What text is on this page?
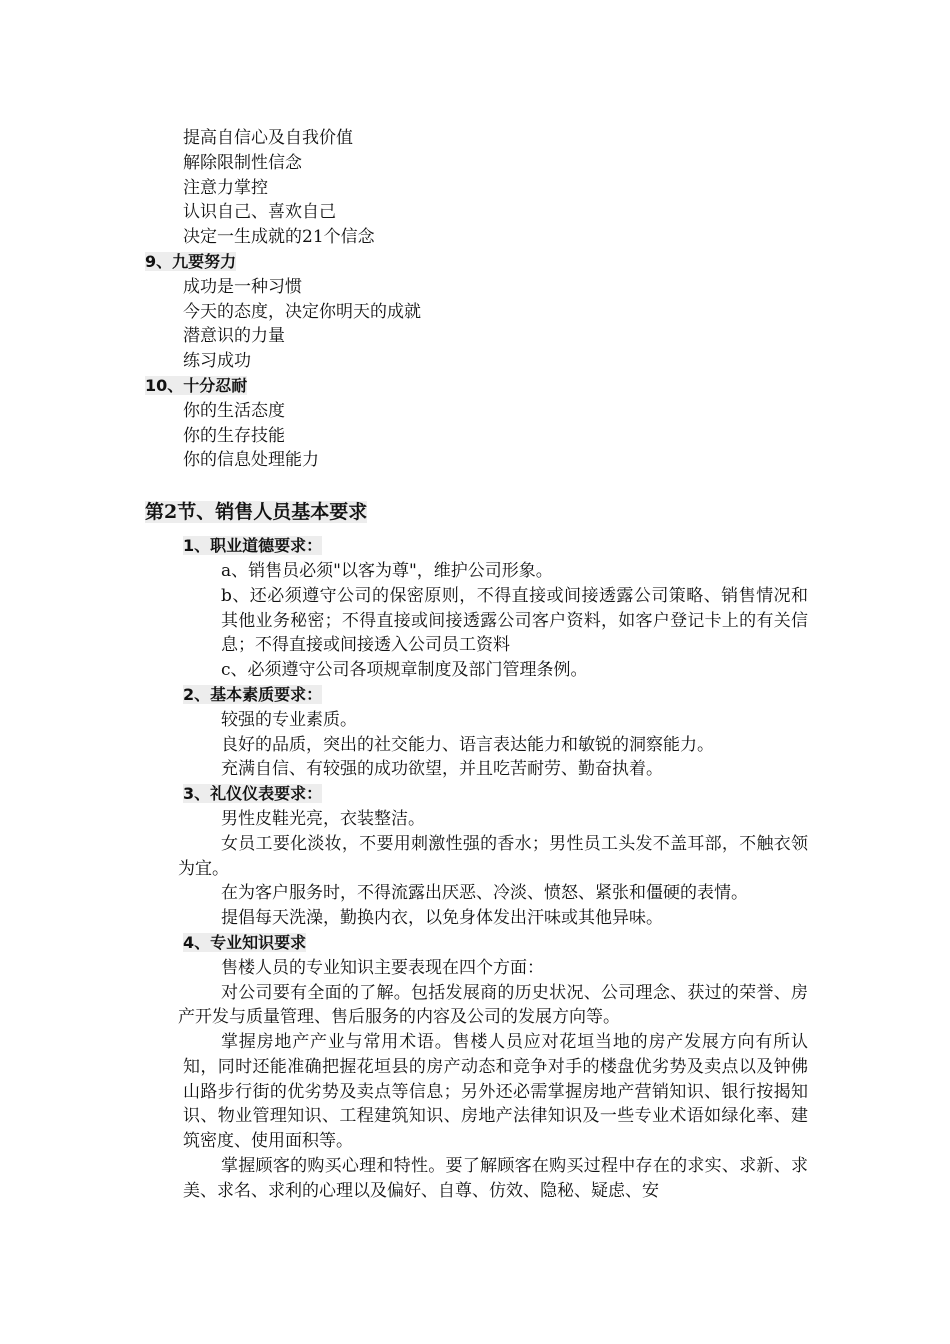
提高自信心及自我价值
解除限制性信念
注意力掌控
认识自己、喜欢自己
决定一生成就的21个信念
9、九要努力
成功是一种习惯
今天的态度，决定你明天的成就
潜意识的力量
练习成功
10、十分忍耐
你的生活态度
你的生存技能
你的信息处理能力
第2节、销售人员基本要求
1、职业道德要求：
a、销售员必须"以客为尊"，维护公司形象。
b、还必须遵守公司的保密原则，不得直接或间接透露公司策略、销售情况和其他业务秘密；不得直接或间接透露公司客户资料，如客户登记卡上的有关信息；不得直接或间接透入公司员工资料
c、必须遵守公司各项规章制度及部门管理条例。
2、基本素质要求：
较强的专业素质。
良好的品质，突出的社交能力、语言表达能力和敏锐的洞察能力。
充满自信、有较强的成功欲望，并且吃苦耐劳、勤奋执着。
3、礼仪仪表要求：
男性皮鞋光亮，衣装整洁。
女员工要化淡妆，不要用刺激性强的香水；男性员工头发不盖耳部，不触衣领为宜。
在为客户服务时，不得流露出厌恶、冷淡、愤怒、紧张和僵硬的表情。
提倡每天洗澡，勤换内衣，以免身体发出汗味或其他异味。
4、专业知识要求
售楼人员的专业知识主要表现在四个方面：
对公司要有全面的了解。包括发展商的历史状况、公司理念、获过的荣誉、房产开发与质量管理、售后服务的内容及公司的发展方向等。
掌握房地产产业与常用术语。售楼人员应对花垣当地的房产发展方向有所认知，同时还能准确把握花垣县的房产动态和竞争对手的楼盘优劣势及卖点以及钟佛山路步行街的优劣势及卖点等信息；另外还必需掌握房地产营销知识、银行按揭知识、物业管理知识、工程建筑知识、房地产法律知识及一些专业术语如绿化率、建筑密度、使用面积等。
掌握顾客的购买心理和特性。要了解顾客在购买过程中存在的求实、求新、求美、求名、求利的心理以及偏好、自尊、仿效、隐秘、疑虑、安
